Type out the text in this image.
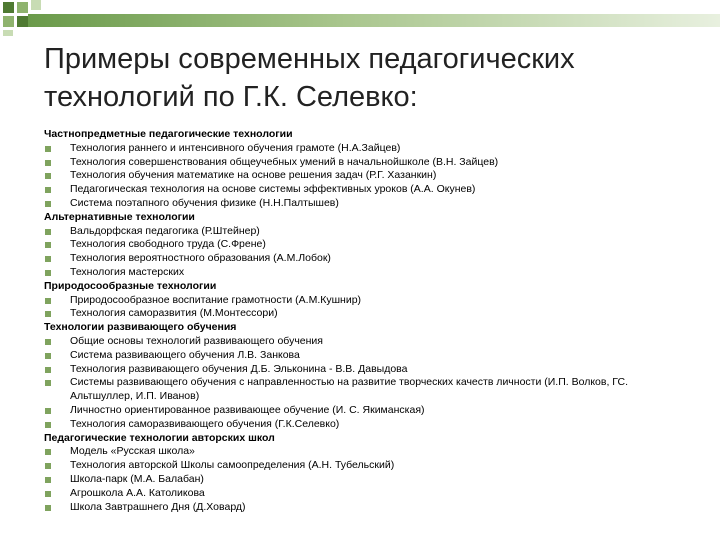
Примеры современных педагогических технологий по Г.К. Селевко:
Частнопредметные педагогические технологии
Технология раннего и интенсивного обучения грамоте (Н.А.Зайцев)
Технология совершенствования общеучебных умений в начальнойшколе (В.Н. Зайцев)
Технология обучения математике на основе решения задач (Р.Г. Хазанкин)
Педагогическая технология на основе системы эффективных уроков (А.А. Окунев)
Система поэтапного обучения физике (Н.Н.Палтышев)
Альтернативные технологии
Вальдорфская педагогика (Р.Штейнер)
Технология свободного труда (С.Френе)
Технология вероятностного образования (А.М.Лобок)
Технология мастерских
Природосообразные технологии
Природосообразное воспитание грамотности (А.М.Кушнир)
Технология саморазвития (М.Монтессори)
Технологии развивающего обучения
Общие основы технологий развивающего обучения
Система развивающего обучения Л.В. Занкова
Технология развивающего обучения Д.Б. Эльконина - В.В. Давыдова
Системы развивающего обучения с направленностью на развитие творческих качеств личности (И.П. Волков, ГС. Альтшуллер, И.П. Иванов)
Личностно ориентированное развивающее обучение (И. С. Якиманская)
Технология саморазвивающего обучения (Г.К.Селевко)
Педагогические технологии авторских школ
Модель «Русская школа»
Технология авторской Школы самоопределения (А.Н. Тубельский)
Школа-парк (М.А. Балабан)
Агрошкола А.А. Католикова
Школа Завтрашнего Дня (Д.Ховард)
